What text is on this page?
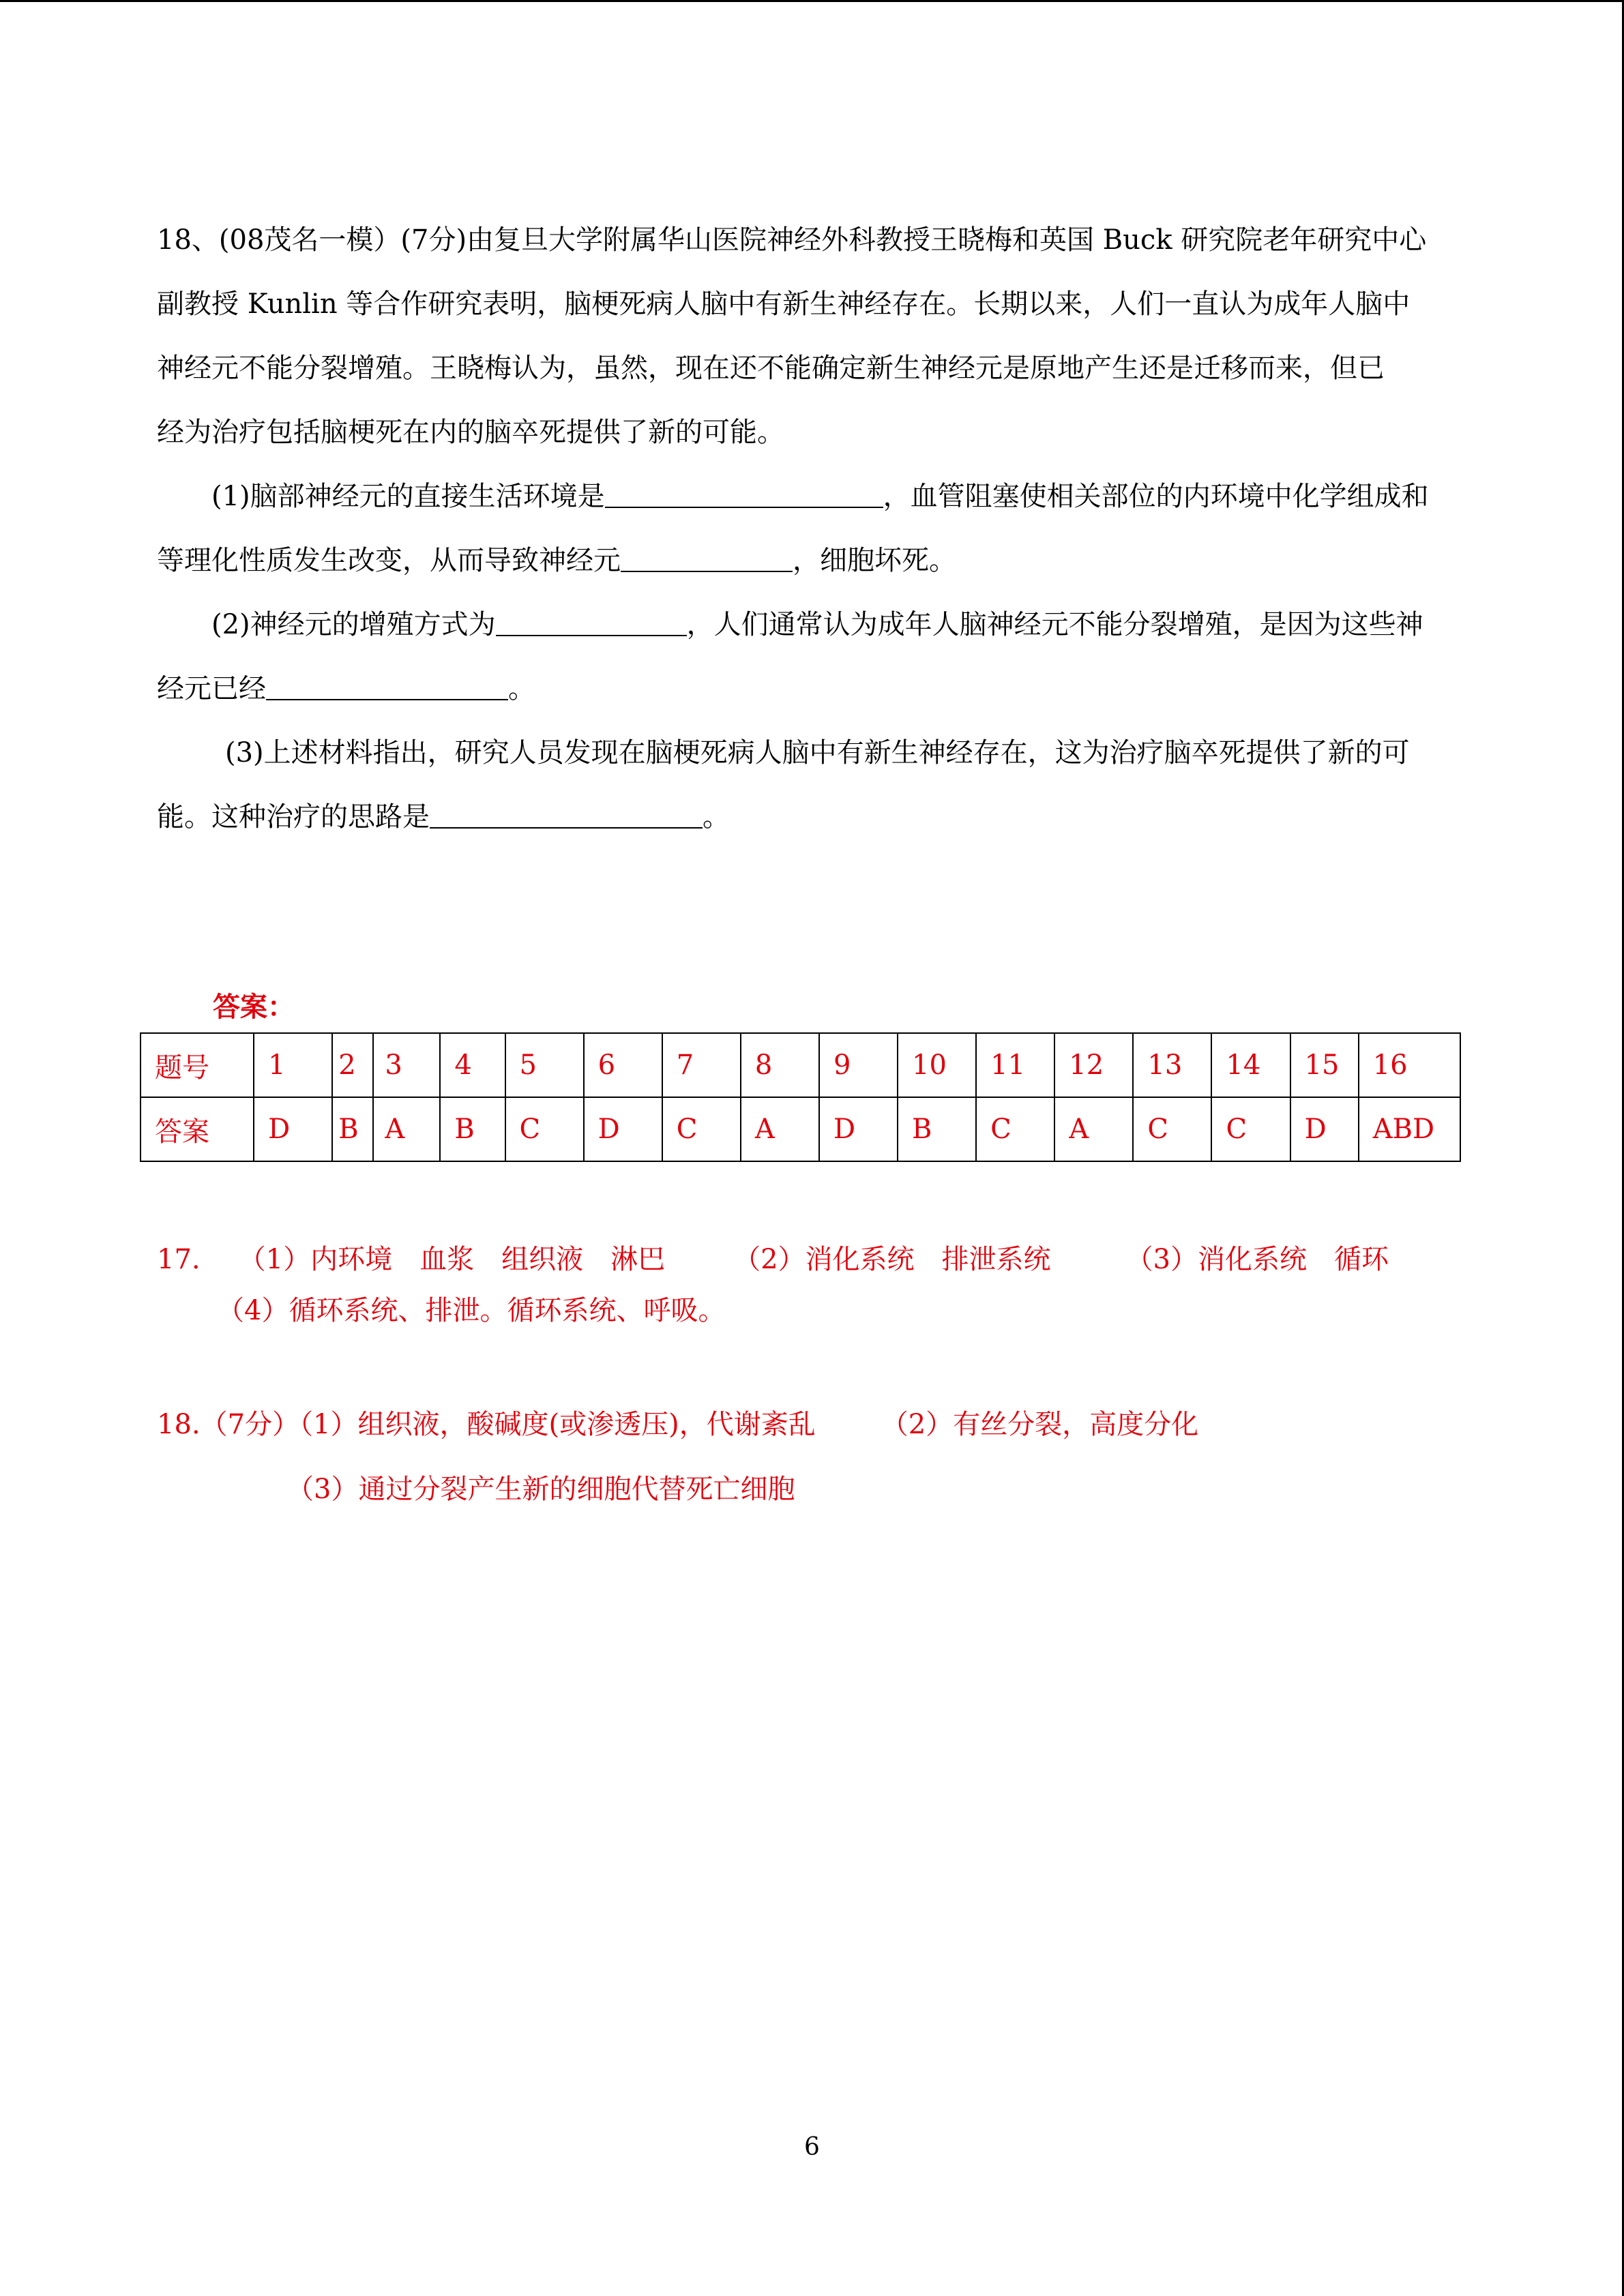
18、(08茂名一模）(7分)由复旦大学附属华山医院神经外科教授王晓梅和英国 Buck 研究院老年研究中心
副教授 Kunlin 等合作研究表明，脑梗死病人脑中有新生神经存在。长期以来，人们一直认为成年人脑中
神经元不能分裂增殖。王晓梅认为，虽然，现在还不能确定新生神经元是原地产生还是迁移而来，但已
经为治疗包括脑梗死在内的脑卒死提供了新的可能。
(1)脑部神经元的直接生活环境是	，血管阻塞使相关部位的内环境中化学组成和
等理化性质发生改变，从而导致神经元	，细胞坏死。
(2)神经元的增殖方式为	，人们通常认为成年人脑神经元不能分裂增殖，是因为这些神
经元已经	。
(3)上述材料指出，研究人员发现在脑梗死病人脑中有新生神经存在，这为治疗脑卒死提供了新的可
能。这种治疗的思路是	。
答案：
题号	1	2	3	4	5	6	7	8	9	10	11	12	13	14	15	16
答案	D	B	A	B	C	D	C	A	D	B	C	A	C	C	D	ABD
17. （1）内环境　血浆　组织液　淋巴	（2）消化系统　排泄系统	（3）消化系统　循环
（4）循环系统、排泄。循环系统、呼吸。
18.（7分）（1）组织液，酸碱度(或渗透压)，代谢紊乱 （2）有丝分裂，高度分化
（3）通过分裂产生新的细胞代替死亡细胞
6
